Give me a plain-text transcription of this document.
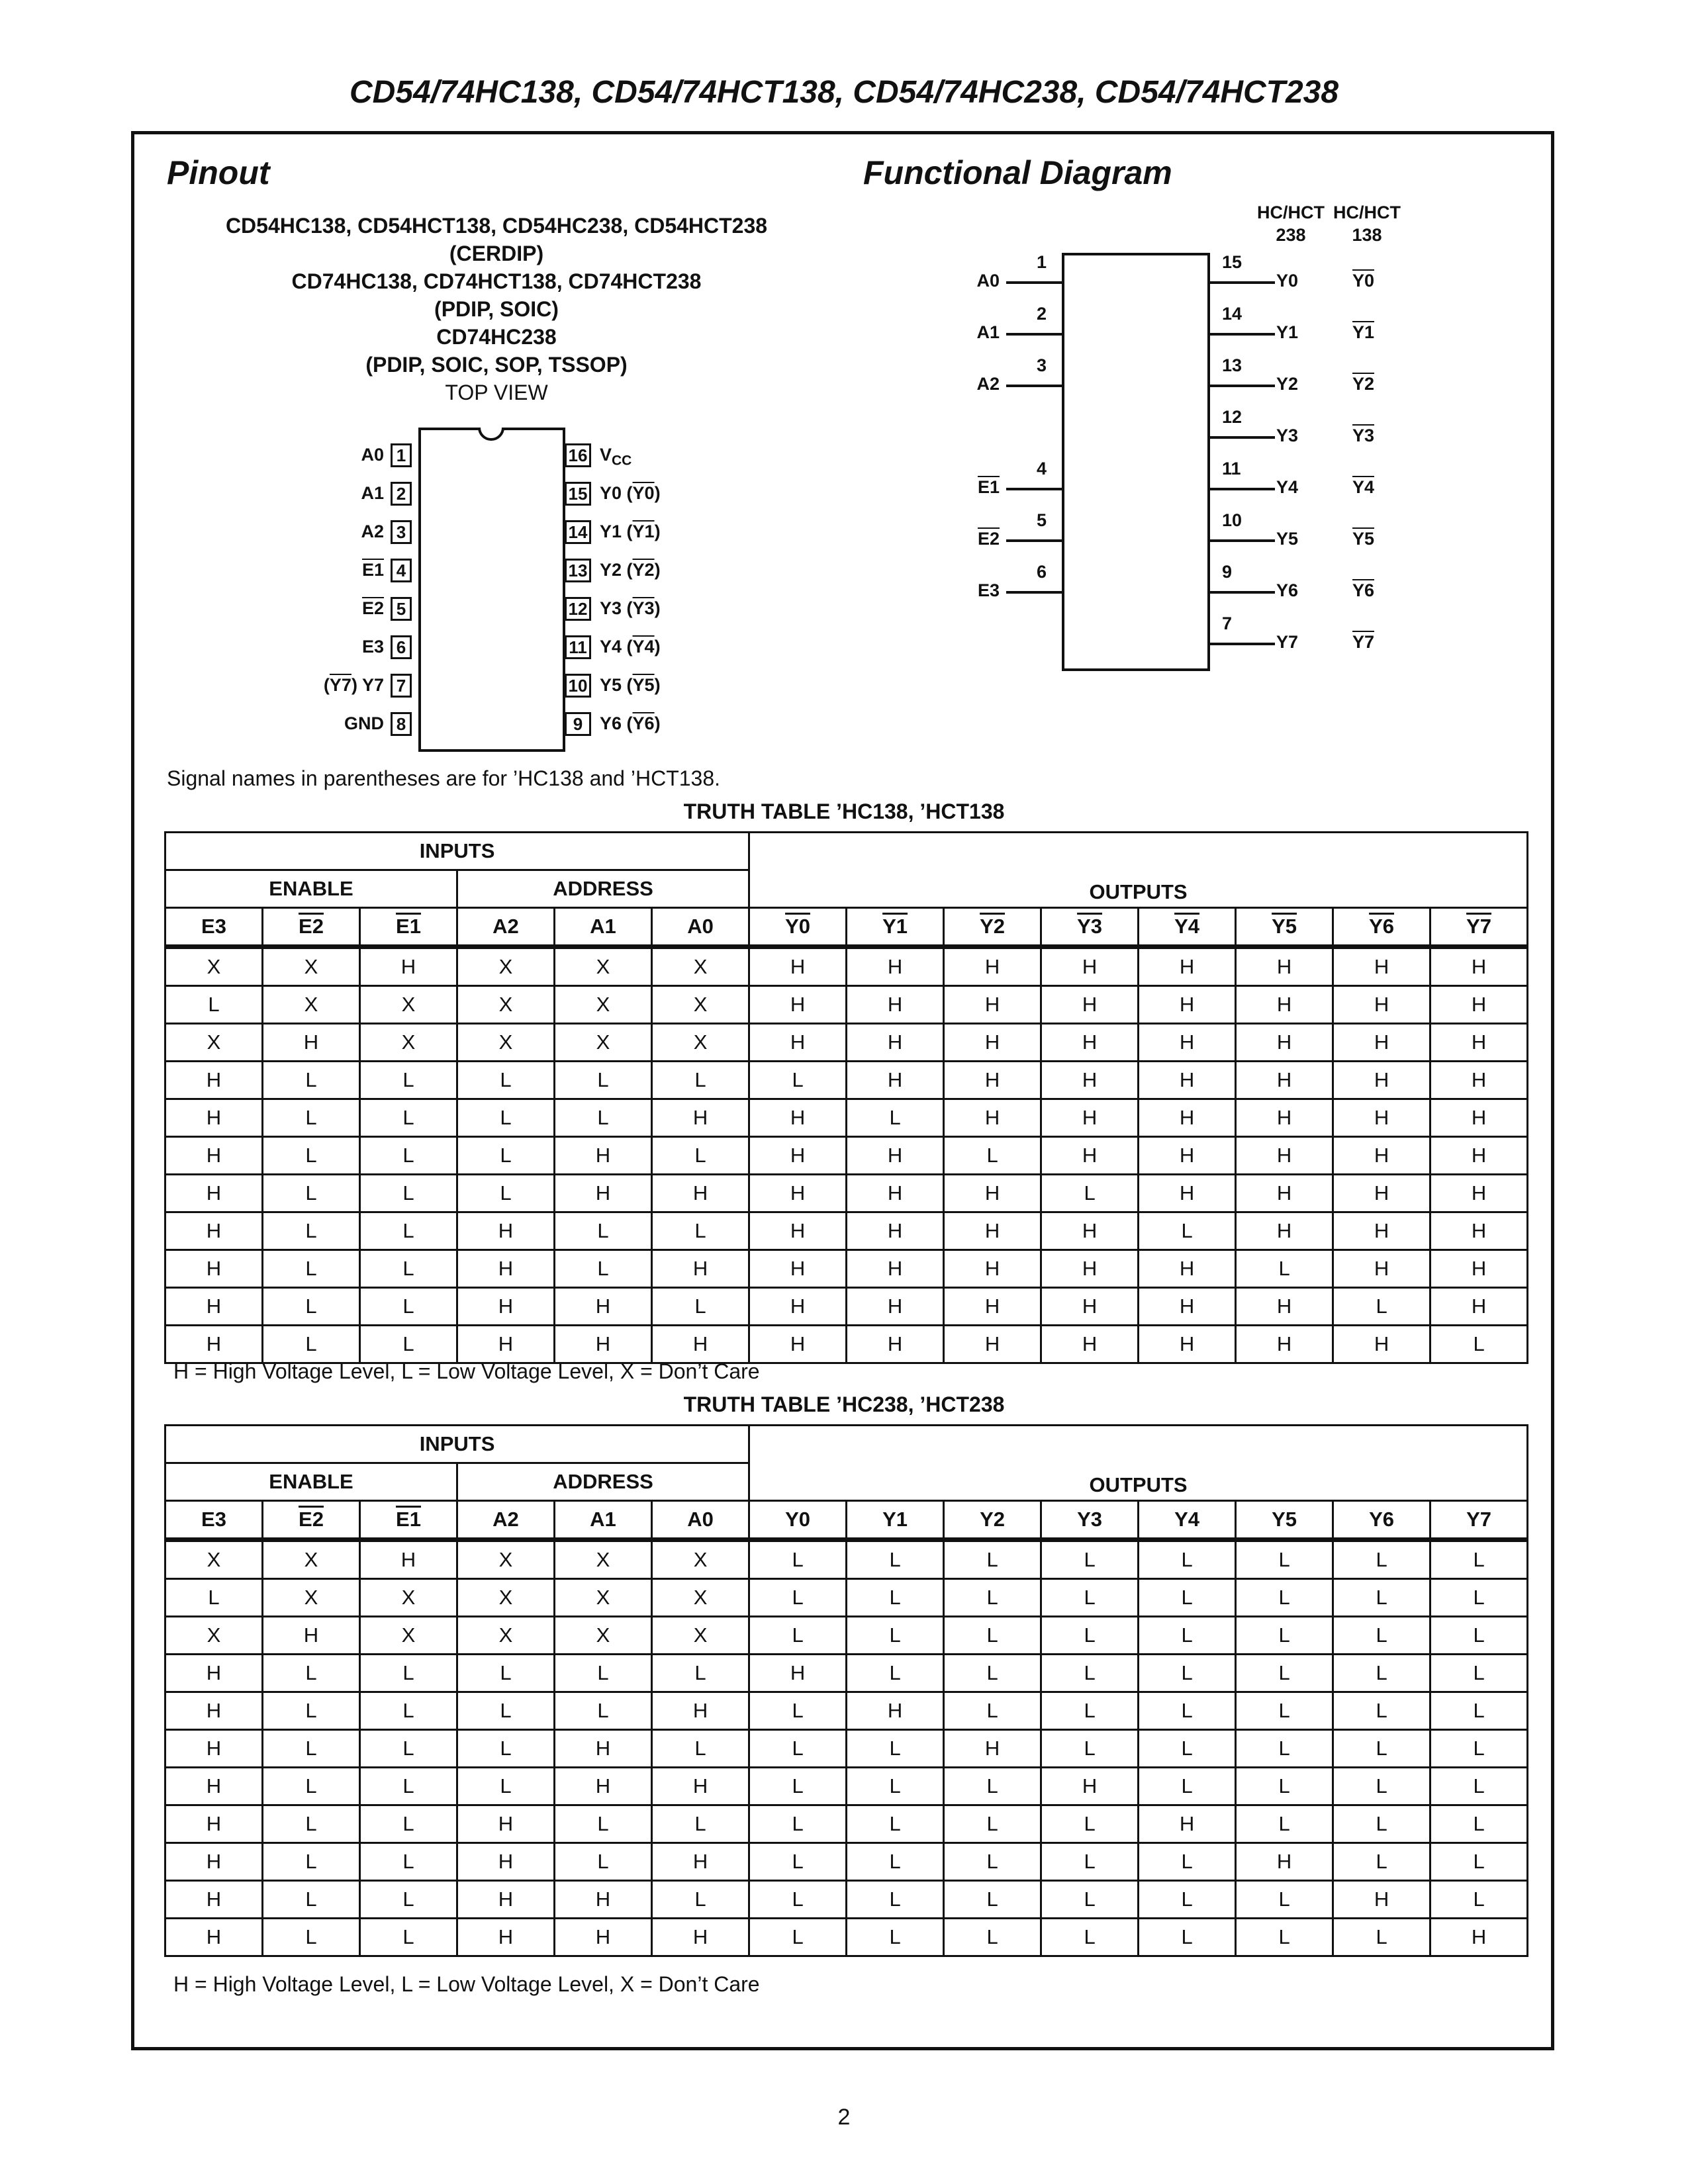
CD54/74HC138, CD54/74HCT138, CD54/74HC238, CD54/74HCT238
Pinout
CD54HC138, CD54HCT138, CD54HC238, CD54HCT238
(CERDIP)
CD74HC138, CD74HCT138, CD74HCT238
(PDIP, SOIC)
CD74HC238
(PDIP, SOIC, SOP, TSSOP)
TOP VIEW
1
A0
2
A1
3
A2
4
E1
5
E2
6
E3
7
(Y7) Y7
8
GND
16 $V_{CC}$
15 Y0 (Y0)
14 Y1 (Y1)
13 Y2 (Y2)
12 Y3 (Y3)
11 Y4 (Y4)
10 Y5 (Y5)
9 Y6 (Y6)
Signal names in parentheses are for ’HC138 and ’HCT138.
Functional Diagram
HC/HCT
238
HC/HCT
138
A0
1
A1
2
A2
3
E1
4
E2
5
E3
6
15
Y0	Y0
14
Y1	Y1
13
Y2	Y2
12
Y3	Y3
11
Y4	Y4
10
Y5	Y5
9
Y6	Y6
7
Y7	Y7
TRUTH TABLE ’HC138, ’HCT138
INPUTS						OUTPUTS							
ENABLE			ADDRESS										
E3	E2	E1	A2	A1	A0	Y0	Y1	Y2	Y3	Y4	Y5	Y6	Y7
X	X	H	X	X	X	H	H	H	H	H	H	H	H
L	X	X	X	X	X	H	H	H	H	H	H	H	H
X	H	X	X	X	X	H	H	H	H	H	H	H	H
H	L	L	L	L	L	L	H	H	H	H	H	H	H
H	L	L	L	L	H	H	L	H	H	H	H	H	H
H	L	L	L	H	L	H	H	L	H	H	H	H	H
H	L	L	L	H	H	H	H	H	L	H	H	H	H
H	L	L	H	L	L	H	H	H	H	L	H	H	H
H	L	L	H	L	H	H	H	H	H	H	L	H	H
H	L	L	H	H	L	H	H	H	H	H	H	L	H
H	L	L	H	H	H	H	H	H	H	H	H	H	L
H = High Voltage Level, L = Low Voltage Level, X = Don’t Care
TRUTH TABLE ’HC238, ’HCT238
INPUTS						OUTPUTS							
ENABLE			ADDRESS										
E3	E2	E1	A2	A1	A0	Y0	Y1	Y2	Y3	Y4	Y5	Y6	Y7
X	X	H	X	X	X	L	L	L	L	L	L	L	L
L	X	X	X	X	X	L	L	L	L	L	L	L	L
X	H	X	X	X	X	L	L	L	L	L	L	L	L
H	L	L	L	L	L	H	L	L	L	L	L	L	L
H	L	L	L	L	H	L	H	L	L	L	L	L	L
H	L	L	L	H	L	L	L	H	L	L	L	L	L
H	L	L	L	H	H	L	L	L	H	L	L	L	L
H	L	L	H	L	L	L	L	L	L	H	L	L	L
H	L	L	H	L	H	L	L	L	L	L	H	L	L
H	L	L	H	H	L	L	L	L	L	L	L	H	L
H	L	L	H	H	H	L	L	L	L	L	L	L	H
H = High Voltage Level, L = Low Voltage Level, X = Don’t Care
2
